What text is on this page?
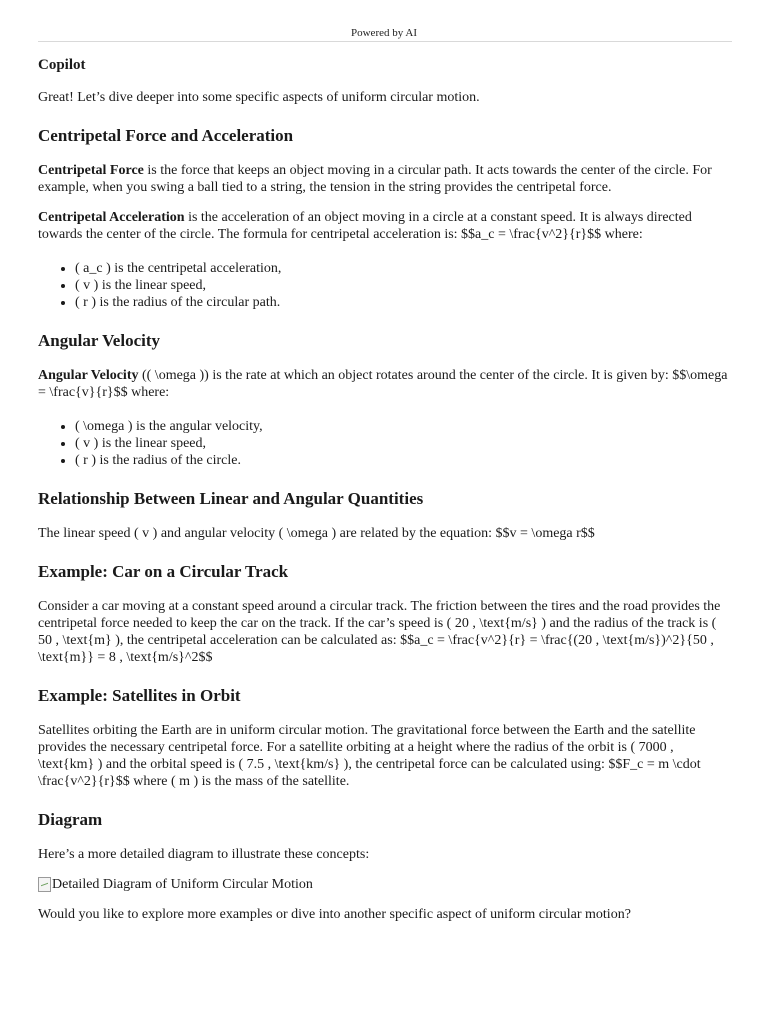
Powered by AI
Copilot

Great! Let’s dive deeper into some specific aspects of uniform circular motion.

Centripetal Force and Acceleration

Centripetal Force is the force that keeps an object moving in a circular path. It acts towards the center of the circle. For example, when you swing a ball tied to a string, the tension in the string provides the centripetal force.

Centripetal Acceleration is the acceleration of an object moving in a circle at a constant speed. It is always directed towards the center of the circle. The formula for centripetal acceleration is: $$a_c = \frac{v^2}{r}$$ where:

• ( a_c ) is the centripetal acceleration,
• ( v ) is the linear speed,
• ( r ) is the radius of the circular path.
Angular Velocity

Angular Velocity (( \omega )) is the rate at which an object rotates around the center of the circle. It is given by: $$\omega = \frac{v}{r}$$ where:

• ( \omega ) is the angular velocity,
• ( v ) is the linear speed,
• ( r ) is the radius of the circle.
Relationship Between Linear and Angular Quantities

The linear speed ( v ) and angular velocity ( \omega ) are related by the equation: $$v = \omega r$$

Example: Car on a Circular Track

Consider a car moving at a constant speed around a circular track. The friction between the tires and the road provides the centripetal force needed to keep the car on the track. If the car’s speed is ( 20 , \text{m/s} ) and the radius of the track is ( 50 , \text{m} ), the centripetal acceleration can be calculated as: $$a_c = \frac{v^2}{r} = \frac{(20 , \text{m/s})^2}{50 , \text{m}} = 8 , \text{m/s}^2$$

Example: Satellites in Orbit

Satellites orbiting the Earth are in uniform circular motion. The gravitational force between the Earth and the satellite provides the necessary centripetal force. For a satellite orbiting at a height where the radius of the orbit is ( 7000 , \text{km} ) and the orbital speed is ( 7.5 , \text{km/s} ), the centripetal force can be calculated using: $$F_c = m \cdot \frac{v^2}{r}$$ where ( m ) is the mass of the satellite.

Diagram

Here’s a more detailed diagram to illustrate these concepts:

Detailed Diagram of Uniform Circular Motion

Would you like to explore more examples or dive into another specific aspect of uniform circular motion?
